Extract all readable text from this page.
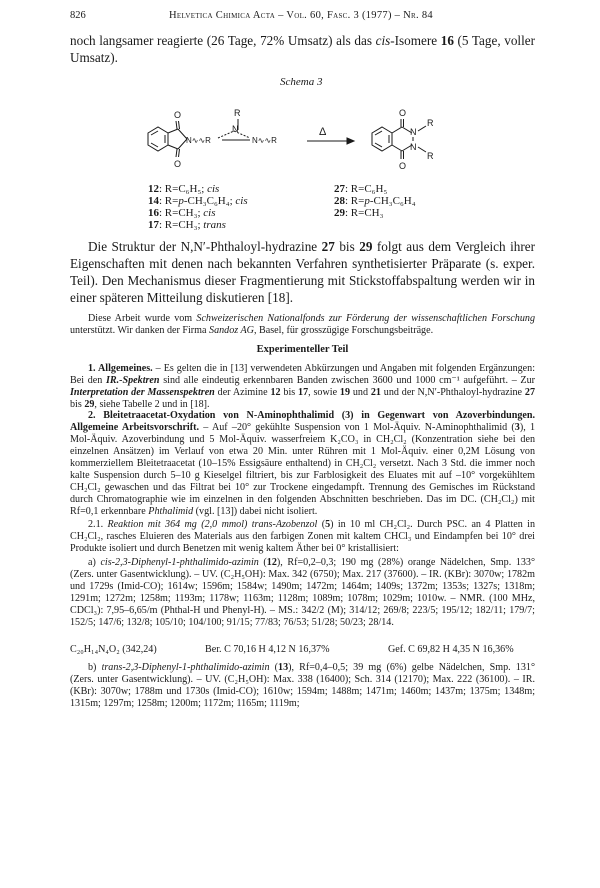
826	Helvetica Chimica Acta – Vol. 60, Fasc. 3 (1977) – Nr. 84
noch langsamer reagierte (26 Tage, 72% Umsatz) als das cis-Isomere 16 (5 Tage, voller Umsatz).
Schema 3
O
O
N∿∿R
R
N
N∿∿R
Δ
O
O
N
N
R
R
12: R=C₆H₅; cis
14: R=p-CH₃C₆H₄; cis
16: R=CH₃; cis
17: R=CH₃; trans
27: R=C₆H₅
28: R=p-CH₃C₆H₄
29: R=CH₃
Die Struktur der N,N′-Phthaloyl-hydrazine 27 bis 29 folgt aus dem Vergleich ihrer Eigenschaften mit denen nach bekannten Verfahren synthetisierter Präparate (s. exper. Teil). Den Mechanismus dieser Fragmentierung mit Stickstoffabspaltung werden wir in einer späteren Mitteilung diskutieren [18].
Diese Arbeit wurde vom Schweizerischen Nationalfonds zur Förderung der wissenschaftlichen Forschung unterstützt. Wir danken der Firma Sandoz AG, Basel, für grosszügige Forschungsbeiträge.
Experimenteller Teil
1. Allgemeines. – Es gelten die in [13] verwendeten Abkürzungen und Angaben mit folgenden Ergänzungen: Bei den IR.-Spektren sind alle eindeutig erkennbaren Banden zwischen 3600 und 1000 cm⁻¹ aufgeführt. – Zur Interpretation der Massenspektren der Azimine 12 bis 17, sowie 19 und 21 und der N,N′-Phthaloyl-hydrazine 27 bis 29, siehe Tabelle 2 und in [18].
2. Bleitetraacetat-Oxydation von N-Aminophthalimid (3) in Gegenwart von Azoverbindungen. Allgemeine Arbeitsvorschrift. – Auf –20° gekühlte Suspension von 1 Mol-Äquiv. N-Aminophthalimid (3), 1 Mol-Äquiv. Azoverbindung und 5 Mol-Äquiv. wasserfreiem K₂CO₃ in CH₂Cl₂ (Konzentration siehe bei den einzelnen Ansätzen) im Verlauf von etwa 20 Min. unter Rühren mit 1 Mol-Äquiv. einer 0,2M Lösung von kommerziellem Bleitetraacetat (10–15% Essigsäure enthaltend) in CH₂Cl₂ versetzt. Nach 3 Std. die immer noch kalte Suspension durch 5–10 g Kieselgel filtriert, bis zur Farblosigkeit des Eluates mit auf –10° vorgekühltem CH₂Cl₂ gewaschen und das Filtrat bei 10° zur Trockene eingedampft. Trennung des Gemisches im Rückstand durch Chromatographie wie im einzelnen in den folgenden Abschnitten beschrieben. Das im DC. (CH₂Cl₂) mit Rf=0,1 erkennbare Phthalimid (vgl. [13]) dabei nicht isoliert.
2.1. Reaktion mit 364 mg (2,0 mmol) trans-Azobenzol (5) in 10 ml CH₂Cl₂. Durch PSC. an 4 Platten in CH₂Cl₂, rasches Eluieren des Materials aus den farbigen Zonen mit kaltem CHCl₃ und Eindampfen bei 10° drei Produkte isoliert und durch Benetzen mit wenig kaltem Äther bei 0° kristallisiert:
a) cis-2,3-Diphenyl-1-phthalimido-azimin (12), Rf=0,2–0,3; 190 mg (28%) orange Nädelchen, Smp. 133° (Zers. unter Gasentwicklung). – UV. (C₂H₅OH): Max. 342 (6750); Max. 217 (37600). – IR. (KBr): 3070w; 1782m und 1729s (Imid-CO); 1614w; 1596m; 1584w; 1490m; 1472m; 1464m; 1409s; 1372m; 1353s; 1327s; 1318m; 1291m; 1272m; 1258m; 1193m; 1178w; 1163m; 1128m; 1089m; 1078m; 1029m; 1010w. – NMR. (100 MHz, CDCl₃): 7,95–6,65/m (Phthal-H und Phenyl-H). – MS.: 342/2 (M); 314/12; 269/8; 223/5; 195/12; 182/11; 179/7; 152/5; 147/6; 132/8; 105/10; 104/100; 91/15; 77/83; 76/53; 51/28; 50/23; 28/14.
C₂₀H₁₄N₄O₂ (342,24)	Ber. C 70,16 H 4,12 N 16,37%	Gef. C 69,82 H 4,35 N 16,36%
b) trans-2,3-Diphenyl-1-phthalimido-azimin (13), Rf=0,4–0,5; 39 mg (6%) gelbe Nädelchen, Smp. 131° (Zers. unter Gasentwicklung). – UV. (C₂H₅OH): Max. 338 (16400); Sch. 314 (12170); Max. 222 (36100). – IR. (KBr): 3070w; 1788m und 1730s (Imid-CO); 1610w; 1594m; 1488m; 1471m; 1460m; 1437m; 1375m; 1348m; 1315m; 1297m; 1258m; 1200m; 1172m; 1165m; 1119m;
